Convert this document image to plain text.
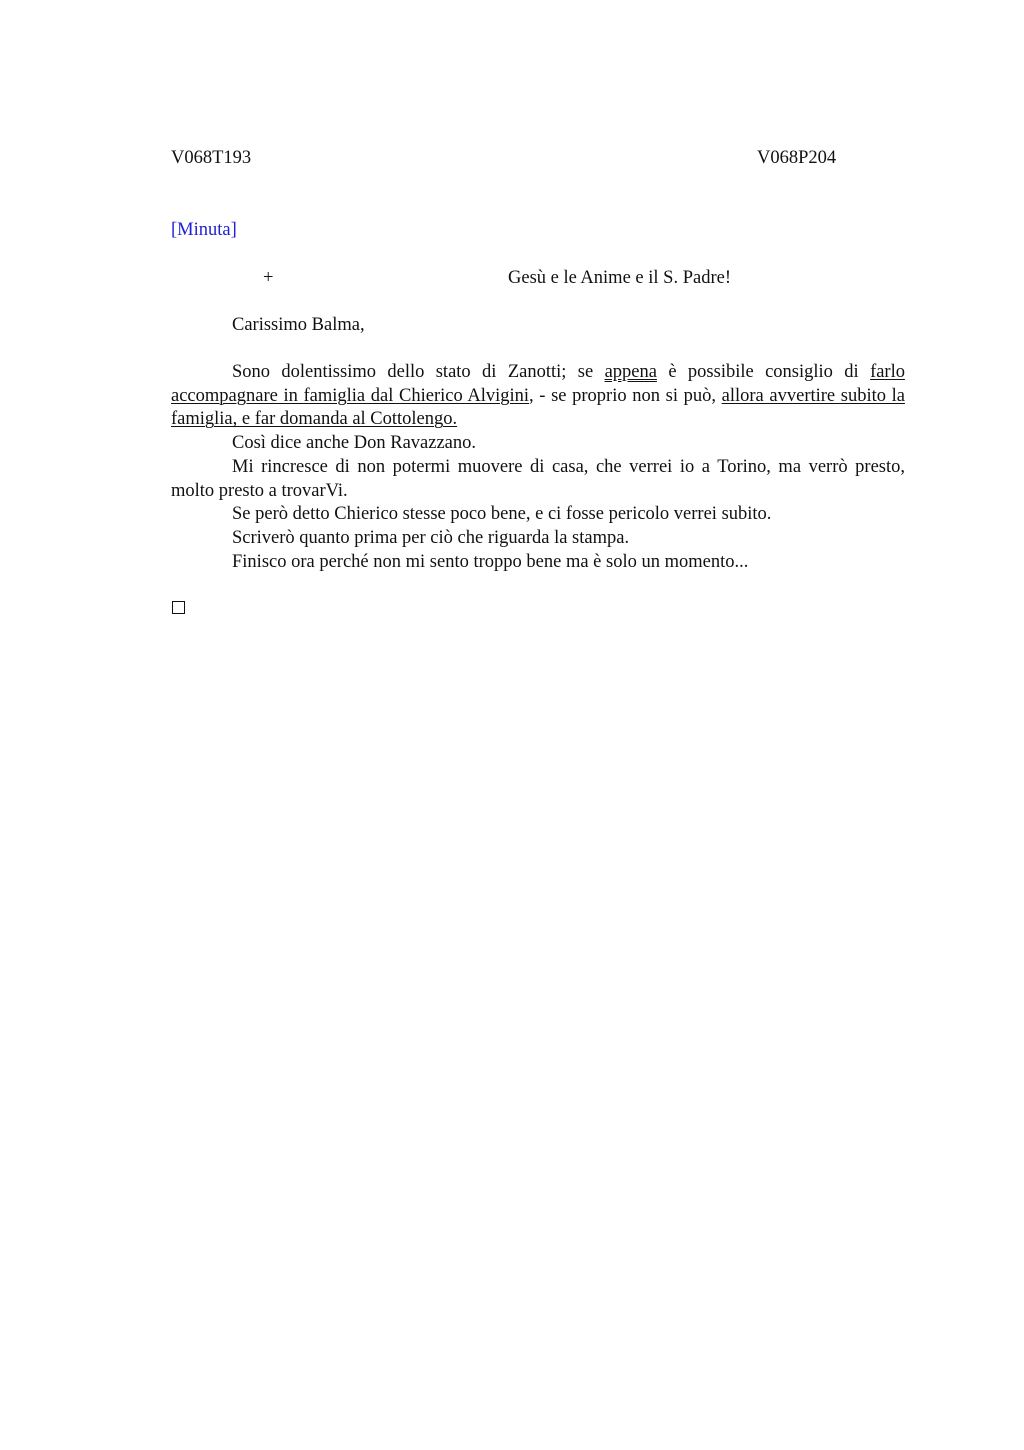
V068T193	V068P204
[Minuta]
+	Gesù e le Anime e il S. Padre!
Carissimo Balma,

Sono dolentissimo dello stato di Zanotti; se appena è possibile consiglio di farlo accompagnare in famiglia dal Chierico Alvigini, - se proprio non si può, allora avvertire subito la famiglia, e far domanda al Cottolengo.

Così dice anche Don Ravazzano.

Mi rincresce di non potermi muovere di casa, che verrei io a Torino, ma verrò presto, molto presto a trovarVi.

Se però detto Chierico stesse poco bene, e ci fosse pericolo verrei subito.

Scriverò quanto prima per ciò che riguarda la stampa.

Finisco ora perché non mi sento troppo bene ma è solo un momento...
